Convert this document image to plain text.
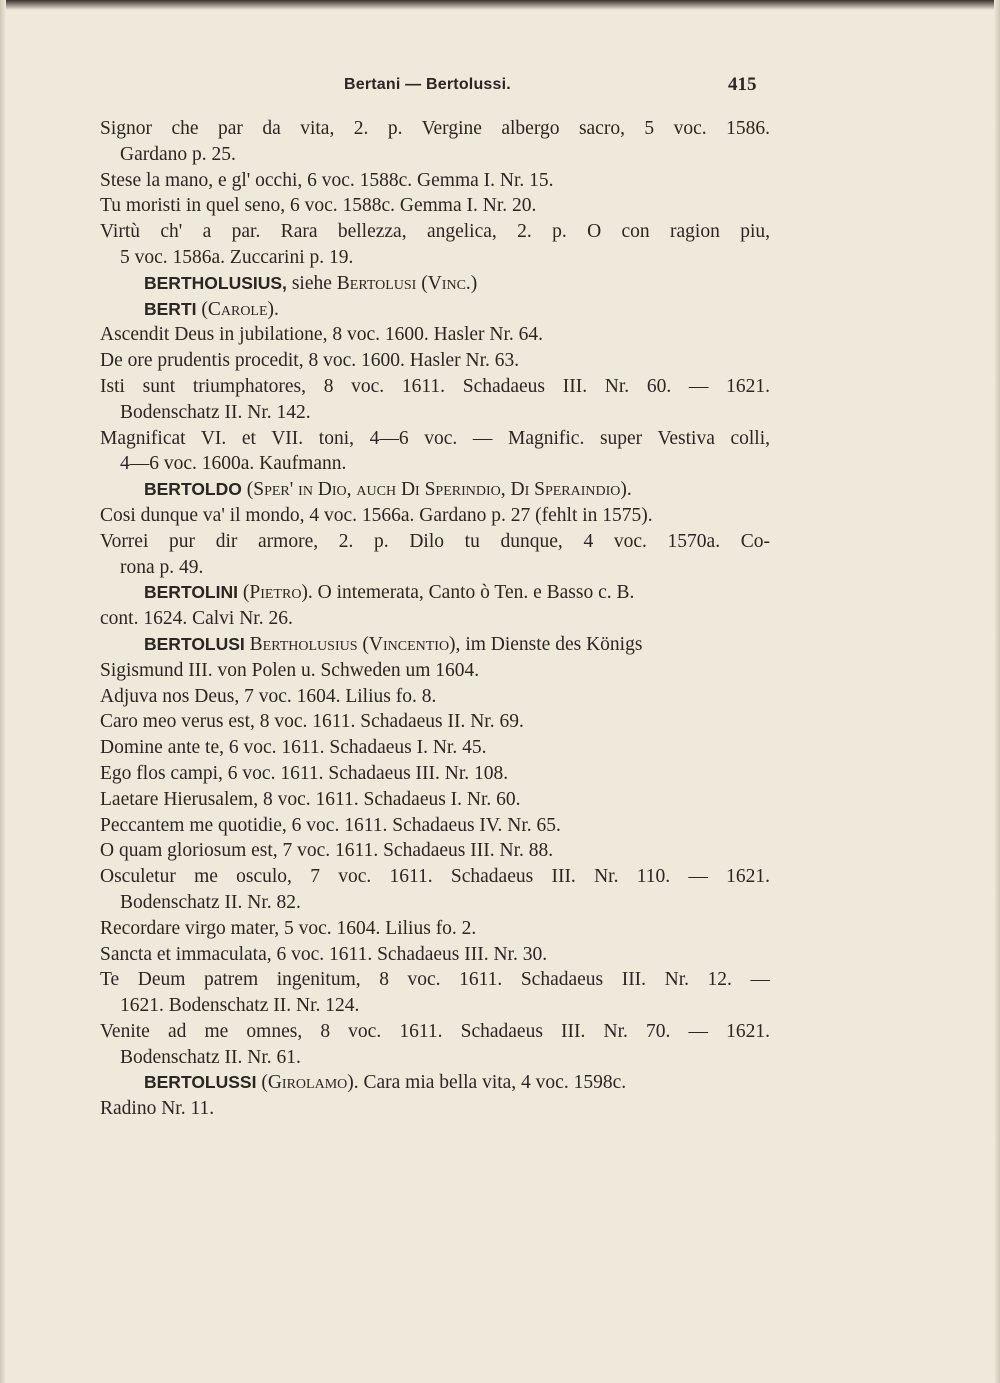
Bertani — Bertolussi.	415
Signor che par da vita, 2. p. Vergine albergo sacro, 5 voc. 1586.
Gardano p. 25.
Stese la mano, e gl' occhi, 6 voc. 1588c. Gemma I. Nr. 15.
Tu moristi in quel seno, 6 voc. 1588c. Gemma I. Nr. 20.
Virtù ch' a par. Rara bellezza, angelica, 2. p. O con ragion piu,
5 voc. 1586a. Zuccarini p. 19.
BERTHOLUSIUS, siehe Bertolusi (Vinc.)
BERTI (Carole).
Ascendit Deus in jubilatione, 8 voc. 1600. Hasler Nr. 64.
De ore prudentis procedit, 8 voc. 1600. Hasler Nr. 63.
Isti sunt triumphatores, 8 voc. 1611. Schadaeus III. Nr. 60. — 1621.
Bodenschatz II. Nr. 142.
Magnificat VI. et VII. toni, 4—6 voc. — Magnific. super Vestiva colli,
4—6 voc. 1600a. Kaufmann.
BERTOLDO (Sper' in Dio, auch Di Sperindio, Di Speraindio).
Cosi dunque va' il mondo, 4 voc. 1566a. Gardano p. 27 (fehlt in 1575).
Vorrei pur dir armore, 2. p. Dilo tu dunque, 4 voc. 1570a. Co-
rona p. 49.
BERTOLINI (Pietro). O intemerata, Canto ò Ten. e Basso c. B.
cont. 1624. Calvi Nr. 26.
BERTOLUSI Bertholusius (Vincentio), im Dienste des Königs
Sigismund III. von Polen u. Schweden um 1604.
Adjuva nos Deus, 7 voc. 1604. Lilius fo. 8.
Caro meo verus est, 8 voc. 1611. Schadaeus II. Nr. 69.
Domine ante te, 6 voc. 1611. Schadaeus I. Nr. 45.
Ego flos campi, 6 voc. 1611. Schadaeus III. Nr. 108.
Laetare Hierusalem, 8 voc. 1611. Schadaeus I. Nr. 60.
Peccantem me quotidie, 6 voc. 1611. Schadaeus IV. Nr. 65.
O quam gloriosum est, 7 voc. 1611. Schadaeus III. Nr. 88.
Osculetur me osculo, 7 voc. 1611. Schadaeus III. Nr. 110. — 1621.
Bodenschatz II. Nr. 82.
Recordare virgo mater, 5 voc. 1604. Lilius fo. 2.
Sancta et immaculata, 6 voc. 1611. Schadaeus III. Nr. 30.
Te Deum patrem ingenitum, 8 voc. 1611. Schadaeus III. Nr. 12. —
1621. Bodenschatz II. Nr. 124.
Venite ad me omnes, 8 voc. 1611. Schadaeus III. Nr. 70. — 1621.
Bodenschatz II. Nr. 61.
BERTOLUSSI (Girolamo). Cara mia bella vita, 4 voc. 1598c.
Radino Nr. 11.
